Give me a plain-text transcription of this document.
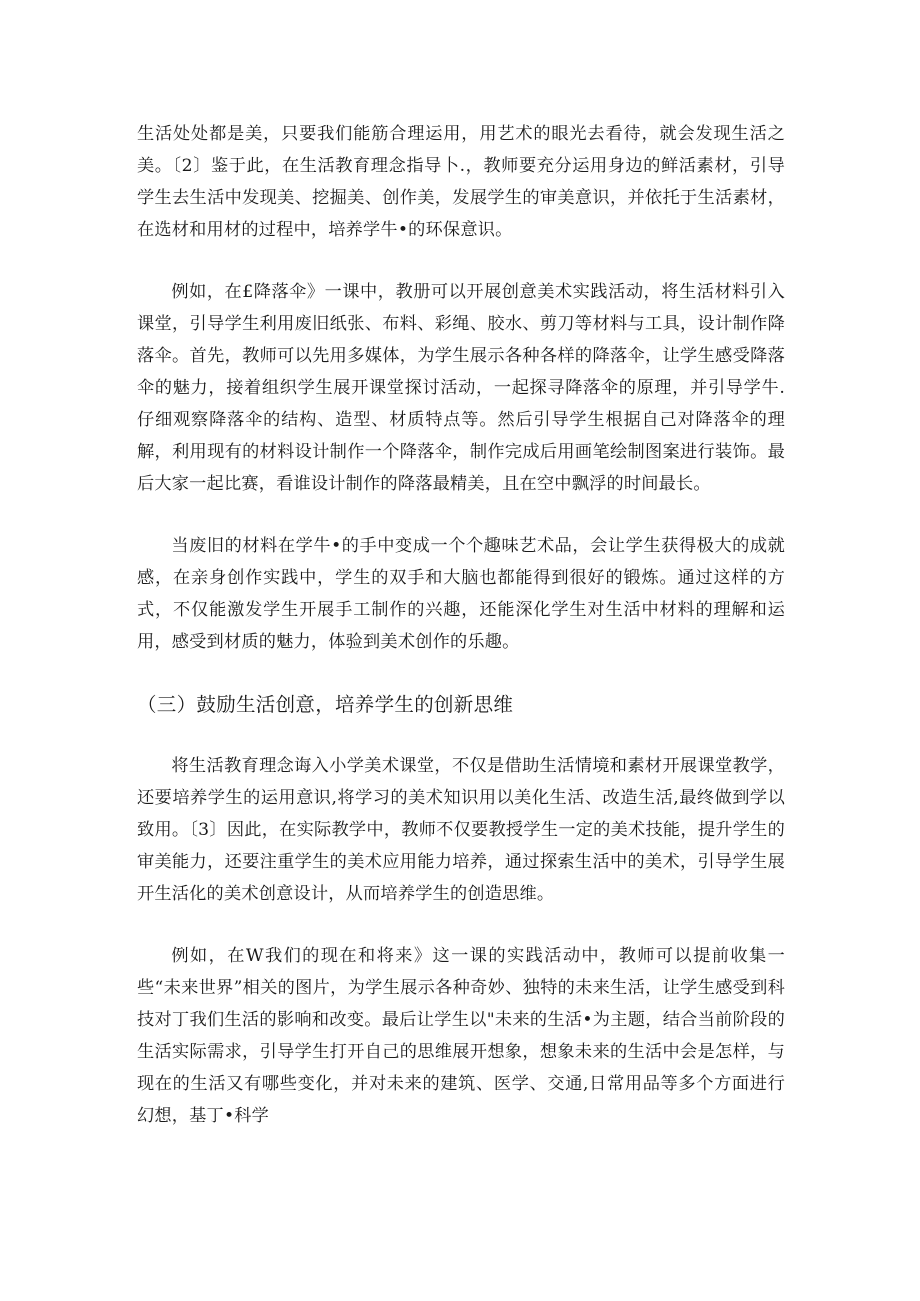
生活处处都是美，只要我们能筋合理运用，用艺术的眼光去看待，就会发现生活之美。〔2〕鉴于此，在生活教育理念指导卜.，教师要充分运用身边的鲜活素材，引导学生去生活中发现美、挖掘美、创作美，发展学生的审美意识，并依托于生活素材，在选材和用材的过程中，培养学牛•的环保意识。

例如，在£降落伞》一课中，教册可以开展创意美术实践活动，将生活材料引入课堂，引导学生利用废旧纸张、布料、彩绳、胶水、剪刀等材料与工具，设计制作降落伞。首先，教师可以先用多媒体，为学生展示各种各样的降落伞，让学生感受降落伞的魅力，接着组织学生展开课堂探讨活动，一起探寻降落伞的原理，并引导学牛.仔细观察降落伞的结构、造型、材质特点等。然后引导学生根据自己对降落伞的理解，利用现有的材料设计制作一个降落伞，制作完成后用画笔绘制图案进行装饰。最后大家一起比赛，看谁设计制作的降落最精美，且在空中飘浮的时间最长。

当废旧的材料在学牛•的手中变成一个个趣味艺术品，会让学生获得极大的成就感，在亲身创作实践中，学生的双手和大脑也都能得到很好的锻炼。通过这样的方式，不仅能激发学生开展手工制作的兴趣，还能深化学生对生活中材料的理解和运用，感受到材质的魅力，体验到美术创作的乐趣。

（三）鼓励生活创意，培养学生的创新思维

将生活教育理念诲入小学美术课堂，不仅是借助生活情境和素材开展课堂教学，还要培养学生的运用意识,将学习的美术知识用以美化生活、改造生活,最终做到学以致用。〔3〕因此，在实际教学中，教师不仅要教授学生一定的美术技能，提升学生的审美能力，还要注重学生的美术应用能力培养，通过探索生活中的美术，引导学生展开生活化的美术创意设计，从而培养学生的创造思维。

例如，在W我们的现在和将来》这一课的实践活动中，教师可以提前收集一些“未来世界”相关的图片，为学生展示各种奇妙、独特的未来生活，让学生感受到科技对丁我们生活的影响和改变。最后让学生以"未来的生活•为主题，结合当前阶段的生活实际需求，引导学生打开自己的思维展开想象，想象未来的生活中会是怎样，与现在的生活又有哪些变化，并对未来的建筑、医学、交通,日常用品等多个方面进行幻想，基丁•科学
